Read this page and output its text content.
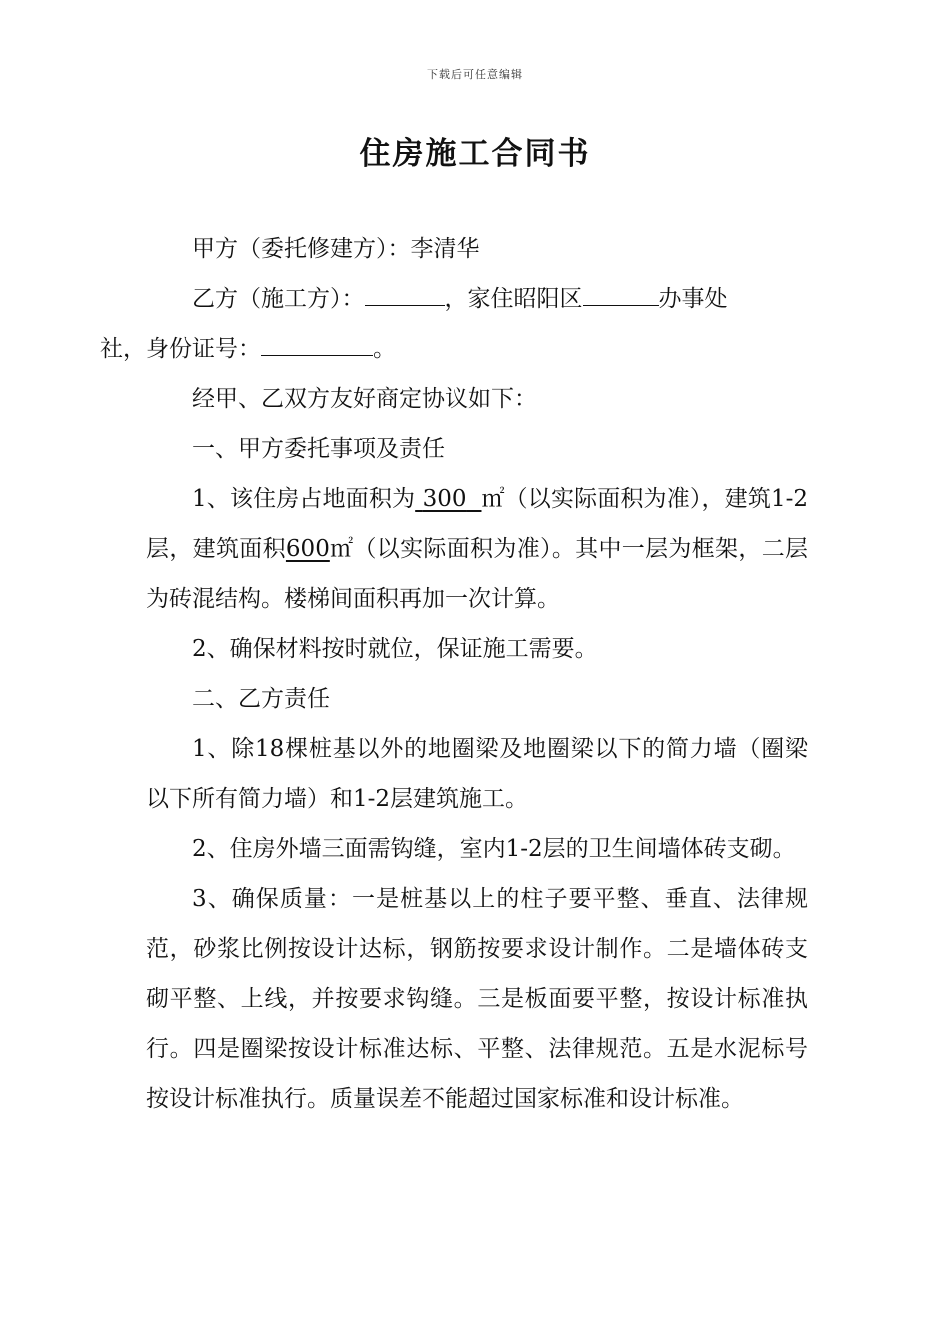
下载后可任意编辑
住房施工合同书

甲方（委托修建方）：李清华

乙方（施工方）：	，家住昭阳区	办事处
社，身份证号：	。

经甲、乙双方友好商定协议如下：

一、甲方委托事项及责任

1、该住房占地面积为 300 ㎡（以实际面积为准），建筑1-2层，建筑面积600㎡（以实际面积为准）。其中一层为框架，二层为砖混结构。楼梯间面积再加一次计算。

2、确保材料按时就位，保证施工需要。

二、乙方责任

1、除18棵桩基以外的地圈梁及地圈梁以下的简力墙（圈梁以下所有简力墙）和1-2层建筑施工。

2、住房外墙三面需钩缝，室内1-2层的卫生间墙体砖支砌。

3、确保质量：一是桩基以上的柱子要平整、垂直、法律规范，砂浆比例按设计达标，钢筋按要求设计制作。二是墙体砖支砌平整、上线，并按要求钩缝。三是板面要平整，按设计标准执行。四是圈梁按设计标准达标、平整、法律规范。五是水泥标号按设计标准执行。质量误差不能超过国家标准和设计标准。
